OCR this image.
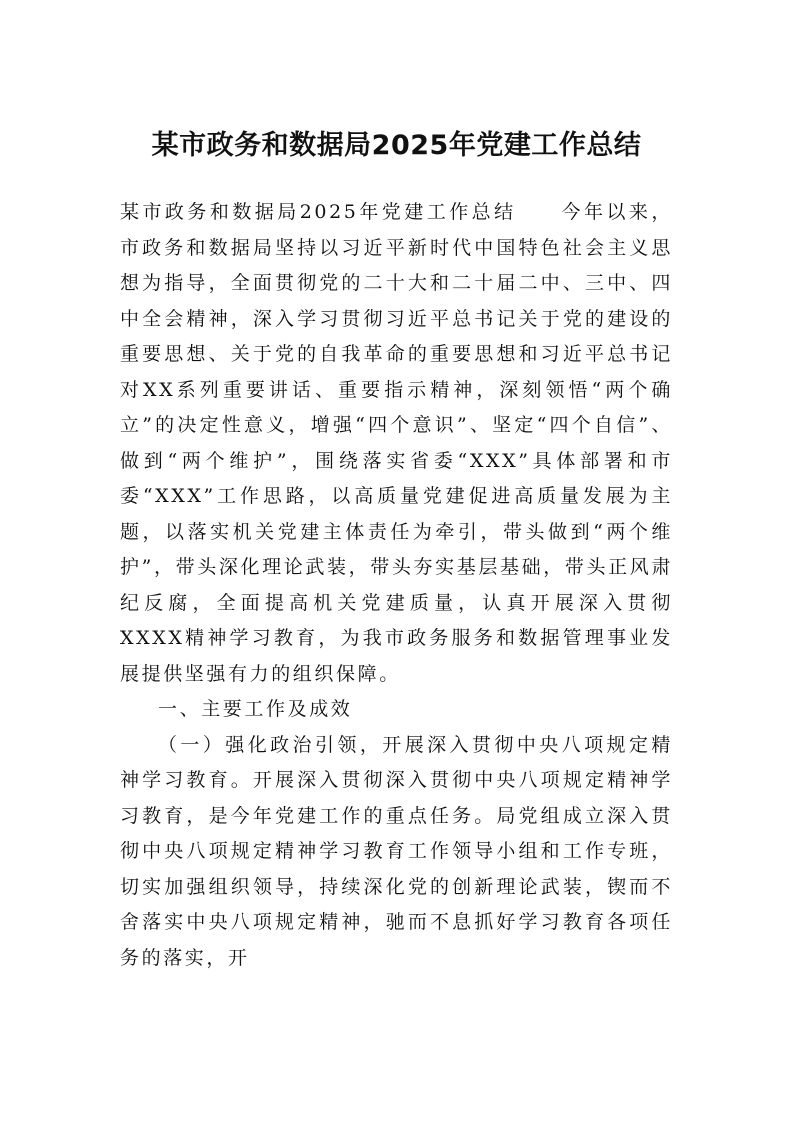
某市政务和数据局2025年党建工作总结

某市政务和数据局2025年党建工作总结　　今年以来，市政务和数据局坚持以习近平新时代中国特色社会主义思想为指导，全面贯彻党的二十大和二十届二中、三中、四中全会精神，深入学习贯彻习近平总书记关于党的建设的重要思想、关于党的自我革命的重要思想和习近平总书记对XX系列重要讲话、重要指示精神，深刻领悟“两个确立”的决定性意义，增强“四个意识”、坚定“四个自信”、做到“两个维护”，围绕落实省委“XXX”具体部署和市委“XXX”工作思路，以高质量党建促进高质量发展为主题，以落实机关党建主体责任为牵引，带头做到“两个维护”，带头深化理论武装，带头夯实基层基础，带头正风肃纪反腐，全面提高机关党建质量，认真开展深入贯彻XXXX精神学习教育，为我市政务服务和数据管理事业发展提供坚强有力的组织保障。

一、主要工作及成效

（一）强化政治引领，开展深入贯彻中央八项规定精神学习教育。开展深入贯彻深入贯彻中央八项规定精神学习教育，是今年党建工作的重点任务。局党组成立深入贯彻中央八项规定精神学习教育工作领导小组和工作专班，切实加强组织领导，持续深化党的创新理论武装，锲而不舍落实中央八项规定精神，驰而不息抓好学习教育各项任务的落实，开
